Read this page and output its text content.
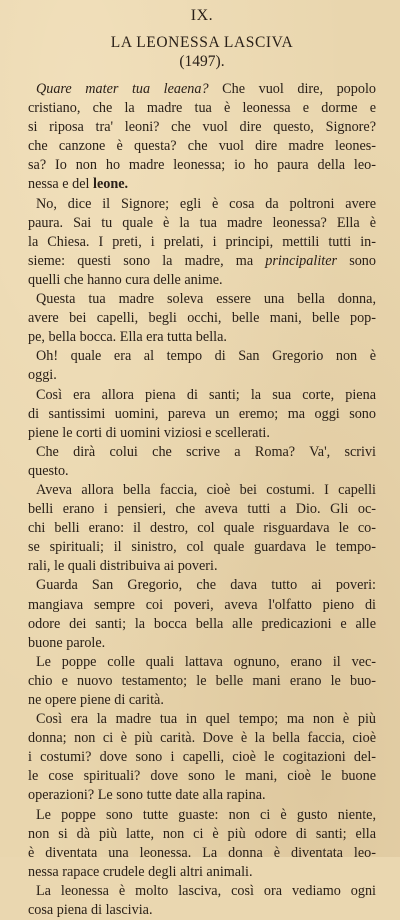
IX.
LA LEONESSA LASCIVA
(1497).
Quare mater tua leaena? Che vuol dire, popolo
cristiano, che la madre tua è leonessa e dorme e
si riposa tra' leoni? che vuol dire questo, Signore?
che canzone è questa? che vuol dire madre leones-
sa? Io non ho madre leonessa; io ho paura della leo-
nessa e del leone.
No, dice il Signore; egli è cosa da poltroni avere
paura. Sai tu quale è la tua madre leonessa? Ella è
la Chiesa. I preti, i prelati, i principi, mettili tutti in-
sieme: questi sono la madre, ma principaliter sono
quelli che hanno cura delle anime.
Questa tua madre soleva essere una bella donna,
avere bei capelli, begli occhi, belle mani, belle pop-
pe, bella bocca. Ella era tutta bella.
Oh! quale era al tempo di San Gregorio non è
oggi.
Così era allora piena di santi; la sua corte, piena
di santissimi uomini, pareva un eremo; ma oggi sono
piene le corti di uomini viziosi e scellerati.
Che dirà colui che scrive a Roma? Va', scrivi
questo.
Aveva allora bella faccia, cioè bei costumi. I capelli
belli erano i pensieri, che aveva tutti a Dio. Gli oc-
chi belli erano: il destro, col quale risguardava le co-
se spirituali; il sinistro, col quale guardava le tempo-
rali, le quali distribuiva ai poveri.
Guarda San Gregorio, che dava tutto ai poveri:
mangiava sempre coi poveri, aveva l'olfatto pieno di
odore dei santi; la bocca bella alle predicazioni e alle
buone parole.
Le poppe colle quali lattava ognuno, erano il vec-
chio e nuovo testamento; le belle mani erano le buo-
ne opere piene di carità.
Così era la madre tua in quel tempo; ma non è più
donna; non ci è più carità. Dove è la bella faccia, cioè
i costumi? dove sono i capelli, cioè le cogitazioni del-
le cose spirituali? dove sono le mani, cioè le buone
operazioni? Le sono tutte date alla rapina.
Le poppe sono tutte guaste: non ci è gusto niente,
non si dà più latte, non ci è più odore di santi; ella
è diventata una leonessa. La donna è diventata leo-
nessa rapace crudele degli altri animali.
La leonessa è molto lasciva, così ora vediamo ogni
cosa piena di lascivia.
